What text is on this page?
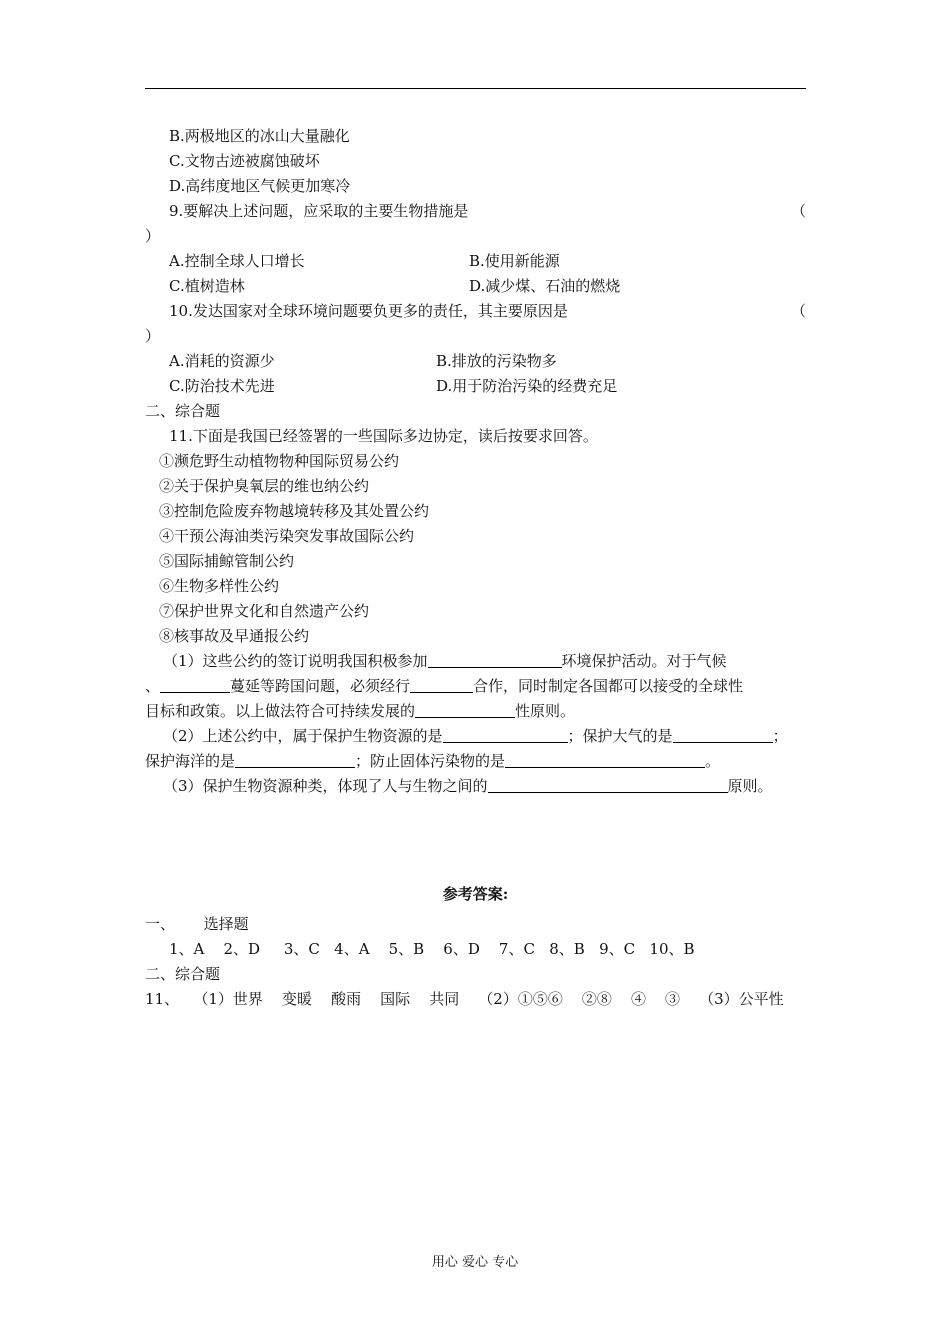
B.两极地区的冰山大量融化
C.文物古迹被腐蚀破坏
D.高纬度地区气候更加寒冷
9.要解决上述问题，应采取的主要生物措施是	（
）
A.控制全球人口增长	B.使用新能源
C.植树造林	D.减少煤、石油的燃烧
10.发达国家对全球环境问题要负更多的责任，其主要原因是	（
）
A.消耗的资源少	B.排放的污染物多
C.防治技术先进	D.用于防治污染的经费充足
二、综合题
11.下面是我国已经签署的一些国际多边协定，读后按要求回答。
①濒危野生动植物物种国际贸易公约
②关于保护臭氧层的维也纳公约
③控制危险废弃物越境转移及其处置公约
④干预公海油类污染突发事故国际公约
⑤国际捕鲸管制公约
⑥生物多样性公约
⑦保护世界文化和自然遗产公约
⑧核事故及早通报公约
（1）这些公约的签订说明我国积极参加	环境保护活动。对于气候
、	蔓延等跨国问题，必须经行	合作，同时制定各国都可以接受的全球性
目标和政策。以上做法符合可持续发展的	性原则。
（2）上述公约中，属于保护生物资源的是	；保护大气的是	；
保护海洋的是	；防止固体污染物的是	。
（3）保护生物资源种类，体现了人与生物之间的	原则。
参考答案:
一、      选择题
1、A    2、D     3、C   4、A    5、B    6、D    7、C   8、B   9、C   10、B
二、综合题
11、   （1）世界    变暖    酸雨    国际    共同    （2）①⑤⑥    ②⑧    ④    ③    （3）公平性
用心 爱心 专心
